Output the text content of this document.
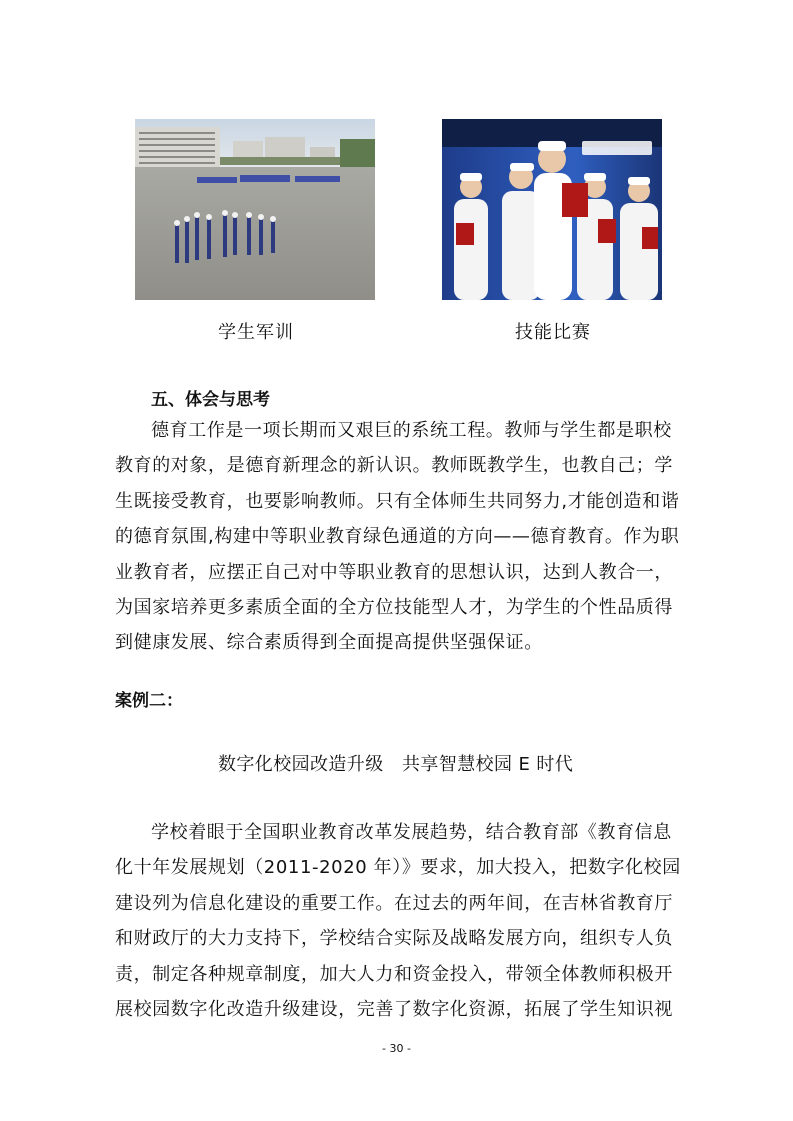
学生军训	技能比赛
五、体会与思考
德育工作是一项长期而又艰巨的系统工程。教师与学生都是职校
教育的对象，是德育新理念的新认识。教师既教学生，也教自己；学
生既接受教育，也要影响教师。只有全体师生共同努力,才能创造和谐
的德育氛围,构建中等职业教育绿色通道的方向——德育教育。作为职
业教育者，应摆正自己对中等职业教育的思想认识，达到人教合一，
为国家培养更多素质全面的全方位技能型人才，为学生的个性品质得
到健康发展、综合素质得到全面提高提供坚强保证。
案例二：
数字化校园改造升级　共享智慧校园 E 时代
学校着眼于全国职业教育改革发展趋势，结合教育部《教育信息
化十年发展规划（2011-2020 年）》要求，加大投入，把数字化校园
建设列为信息化建设的重要工作。在过去的两年间，在吉林省教育厅
和财政厅的大力支持下，学校结合实际及战略发展方向，组织专人负
责，制定各种规章制度，加大人力和资金投入，带领全体教师积极开
展校园数字化改造升级建设，完善了数字化资源，拓展了学生知识视
- 30 -
